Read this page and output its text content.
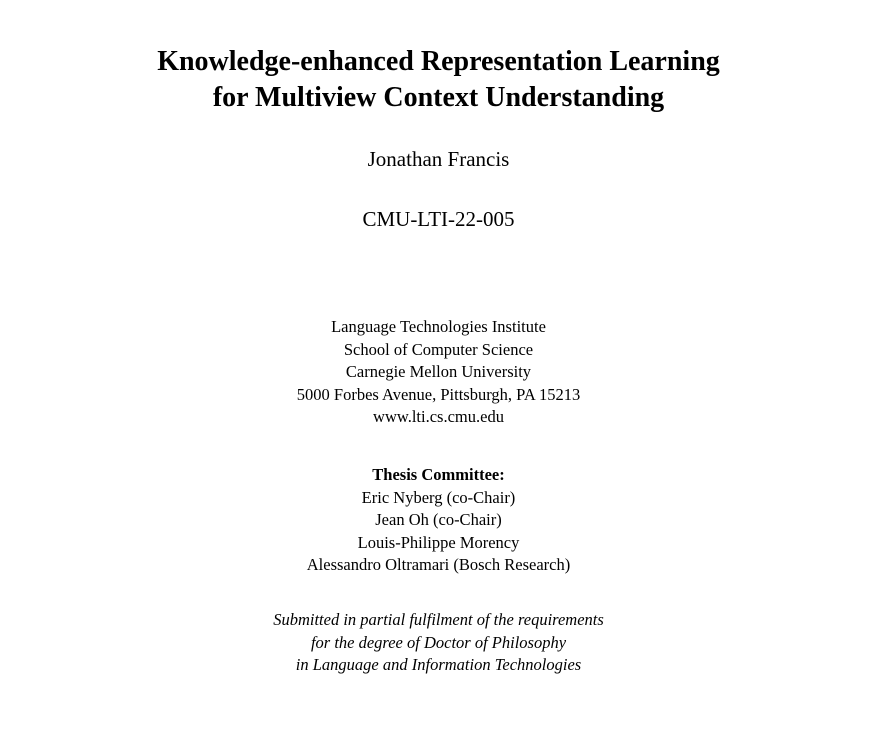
Knowledge-enhanced Representation Learning
for Multiview Context Understanding
Jonathan Francis
CMU-LTI-22-005
Language Technologies Institute
School of Computer Science
Carnegie Mellon University
5000 Forbes Avenue, Pittsburgh, PA 15213
www.lti.cs.cmu.edu
Thesis Committee:
Eric Nyberg (co-Chair)
Jean Oh (co-Chair)
Louis-Philippe Morency
Alessandro Oltramari (Bosch Research)
Submitted in partial fulfilment of the requirements
for the degree of Doctor of Philosophy
in Language and Information Technologies
